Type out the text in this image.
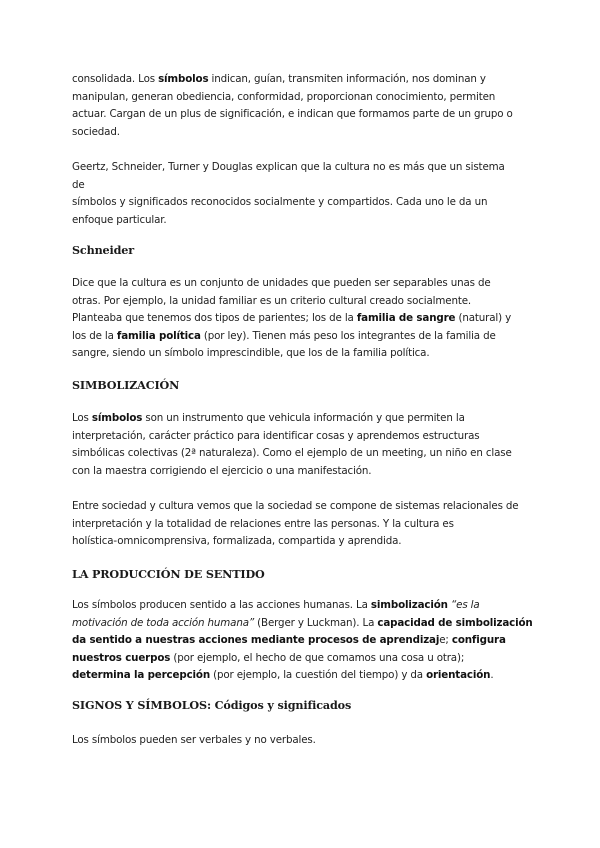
consolidada. Los símbolos indican, guían, transmiten información, nos dominan y
manipulan, generan obediencia, conformidad, proporcionan conocimiento, permiten
actuar. Cargan de un plus de significación, e indican que formamos parte de un grupo o
sociedad.
Geertz, Schneider, Turner y Douglas explican que la cultura no es más que un sistema
de
símbolos y significados reconocidos socialmente y compartidos. Cada uno le da un
enfoque particular.
Schneider
Dice que la cultura es un conjunto de unidades que pueden ser separables unas de
otras. Por ejemplo, la unidad familiar es un criterio cultural creado socialmente.
Planteaba que tenemos dos tipos de parientes; los de la familia de sangre (natural) y
los de la familia política (por ley). Tienen más peso los integrantes de la familia de
sangre, siendo un símbolo imprescindible, que los de la familia política.
SIMBOLIZACIÓN
Los símbolos son un instrumento que vehicula información y que permiten la
interpretación, carácter práctico para identificar cosas y aprendemos estructuras
simbólicas colectivas (2ª naturaleza). Como el ejemplo de un meeting, un niño en clase
con la maestra corrigiendo el ejercicio o una manifestación.
Entre sociedad y cultura vemos que la sociedad se compone de sistemas relacionales de
interpretación y la totalidad de relaciones entre las personas. Y la cultura es
holística-omnicomprensiva, formalizada, compartida y aprendida.
LA PRODUCCIÓN DE SENTIDO
Los símbolos producen sentido a las acciones humanas. La simbolización “es la
motivación de toda acción humana” (Berger y Luckman). La capacidad de simbolización
da sentido a nuestras acciones mediante procesos de aprendizaje; configura
nuestros cuerpos (por ejemplo, el hecho de que comamos una cosa u otra);
determina la percepción (por ejemplo, la cuestión del tiempo) y da orientación.
SIGNOS Y SÍMBOLOS: Códigos y significados
Los símbolos pueden ser verbales y no verbales.
